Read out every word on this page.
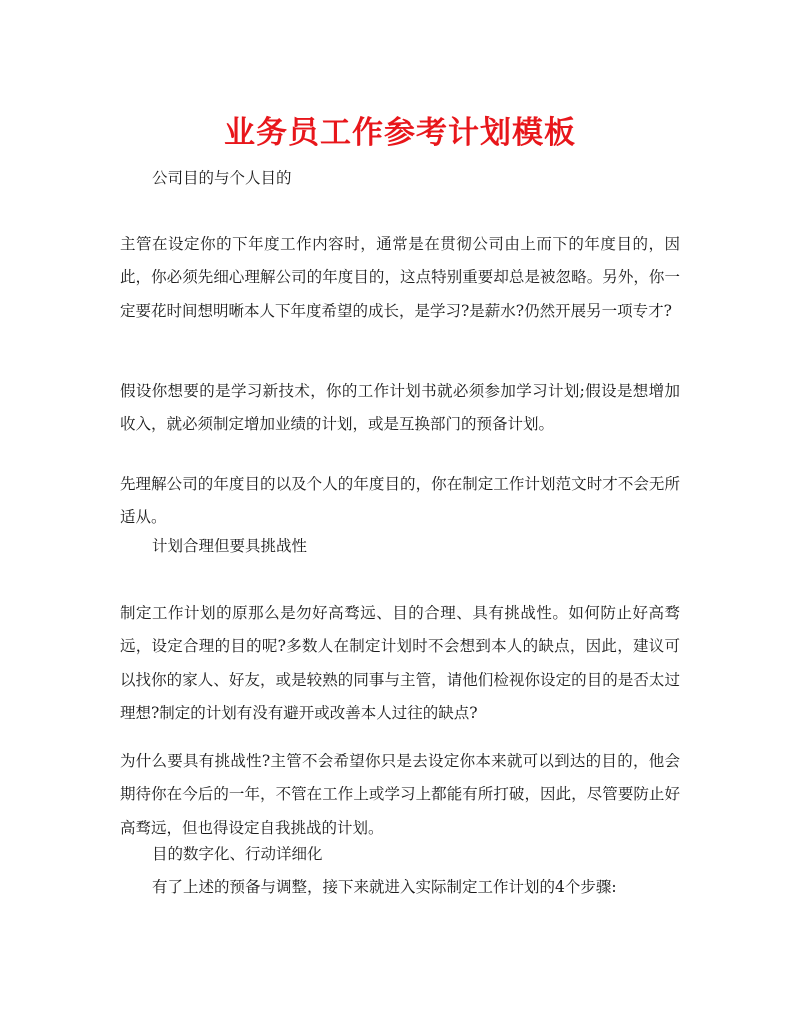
业务员工作参考计划模板

公司目的与个人目的

主管在设定你的下年度工作内容时，通常是在贯彻公司由上而下的年度目的，因此，你必须先细心理解公司的年度目的，这点特别重要却总是被忽略。另外，你一定要花时间想明晰本人下年度希望的成长，是学习?是薪水?仍然开展另一项专才?

假设你想要的是学习新技术，你的工作计划书就必须参加学习计划;假设是想增加收入，就必须制定增加业绩的计划，或是互换部门的预备计划。

先理解公司的年度目的以及个人的年度目的，你在制定工作计划范文时才不会无所适从。

计划合理但要具挑战性

制定工作计划的原那么是勿好高骛远、目的合理、具有挑战性。如何防止好高骛远，设定合理的目的呢?多数人在制定计划时不会想到本人的缺点，因此，建议可以找你的家人、好友，或是较熟的同事与主管，请他们检视你设定的目的是否太过理想?制定的计划有没有避开或改善本人过往的缺点?

为什么要具有挑战性?主管不会希望你只是去设定你本来就可以到达的目的，他会期待你在今后的一年，不管在工作上或学习上都能有所打破，因此，尽管要防止好高骛远，但也得设定自我挑战的计划。

目的数字化、行动详细化

有了上述的预备与调整，接下来就进入实际制定工作计划的4个步骤:
